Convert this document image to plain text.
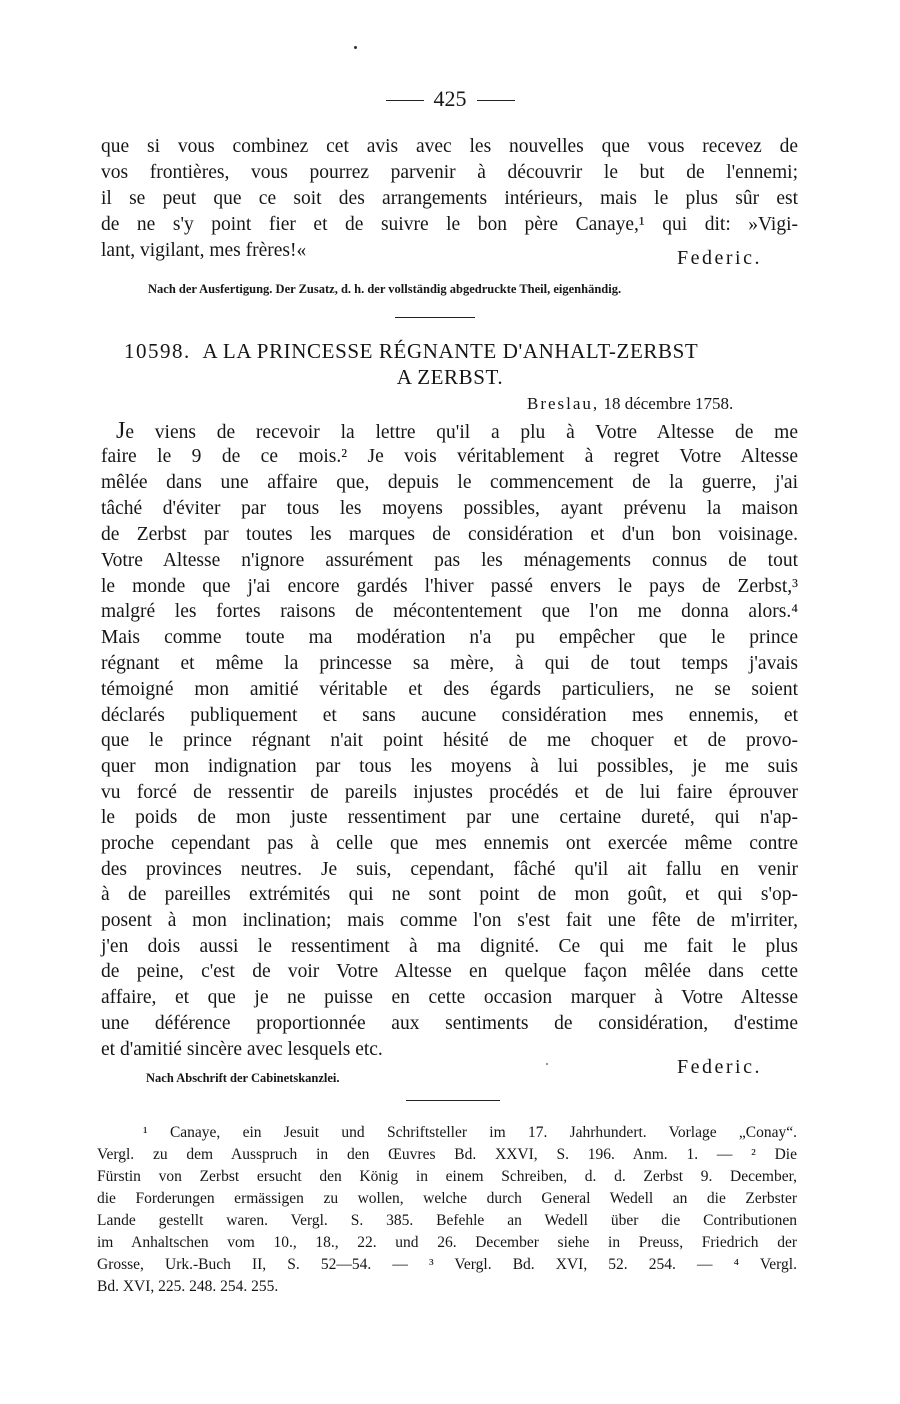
425
que si vous combinez cet avis avec les nouvelles que vous recevez de
vos frontières, vous pourrez parvenir à découvrir le but de l'ennemi;
il se peut que ce soit des arrangements intérieurs, mais le plus sûr est
de ne s'y point fier et de suivre le bon père Canaye,¹ qui dit: »Vigi-
lant, vigilant, mes frères!«	Federic.
Nach der Ausfertigung. Der Zusatz, d. h. der vollständig abgedruckte Theil, eigenhändig.
10598. A LA PRINCESSE RÉGNANTE D'ANHALT-ZERBST
A ZERBST.
Breslau, 18 décembre 1758.
Je viens de recevoir la lettre qu'il a plu à Votre Altesse de me
faire le 9 de ce mois.² Je vois véritablement à regret Votre Altesse
mêlée dans une affaire que, depuis le commencement de la guerre, j'ai
tâché d'éviter par tous les moyens possibles, ayant prévenu la maison
de Zerbst par toutes les marques de considération et d'un bon voisinage.
Votre Altesse n'ignore assurément pas les ménagements connus de tout
le monde que j'ai encore gardés l'hiver passé envers le pays de Zerbst,³
malgré les fortes raisons de mécontentement que l'on me donna alors.⁴
Mais comme toute ma modération n'a pu empêcher que le prince
régnant et même la princesse sa mère, à qui de tout temps j'avais
témoigné mon amitié véritable et des égards particuliers, ne se soient
déclarés publiquement et sans aucune considération mes ennemis, et
que le prince régnant n'ait point hésité de me choquer et de provo-
quer mon indignation par tous les moyens à lui possibles, je me suis
vu forcé de ressentir de pareils injustes procédés et de lui faire éprouver
le poids de mon juste ressentiment par une certaine dureté, qui n'ap-
proche cependant pas à celle que mes ennemis ont exercée même contre
des provinces neutres. Je suis, cependant, fâché qu'il ait fallu en venir
à de pareilles extrémités qui ne sont point de mon goût, et qui s'op-
posent à mon inclination; mais comme l'on s'est fait une fête de m'irriter,
j'en dois aussi le ressentiment à ma dignité. Ce qui me fait le plus
de peine, c'est de voir Votre Altesse en quelque façon mêlée dans cette
affaire, et que je ne puisse en cette occasion marquer à Votre Altesse
une déférence proportionnée aux sentiments de considération, d'estime
et d'amitié sincère avec lesquels etc.
Federic.
Nach Abschrift der Cabinetskanzlei.
¹ Canaye, ein Jesuit und Schriftsteller im 17. Jahrhundert. Vorlage „Conay“.
Vergl. zu dem Ausspruch in den Œuvres Bd. XXVI, S. 196. Anm. 1. — ² Die
Fürstin von Zerbst ersucht den König in einem Schreiben, d. d. Zerbst 9. December,
die Forderungen ermässigen zu wollen, welche durch General Wedell an die Zerbster
Lande gestellt waren. Vergl. S. 385. Befehle an Wedell über die Contributionen
im Anhaltschen vom 10., 18., 22. und 26. December siehe in Preuss, Friedrich der
Grosse, Urk.-Buch II, S. 52—54. — ³ Vergl. Bd. XVI, 52. 254. — ⁴ Vergl.
Bd. XVI, 225. 248. 254. 255.
